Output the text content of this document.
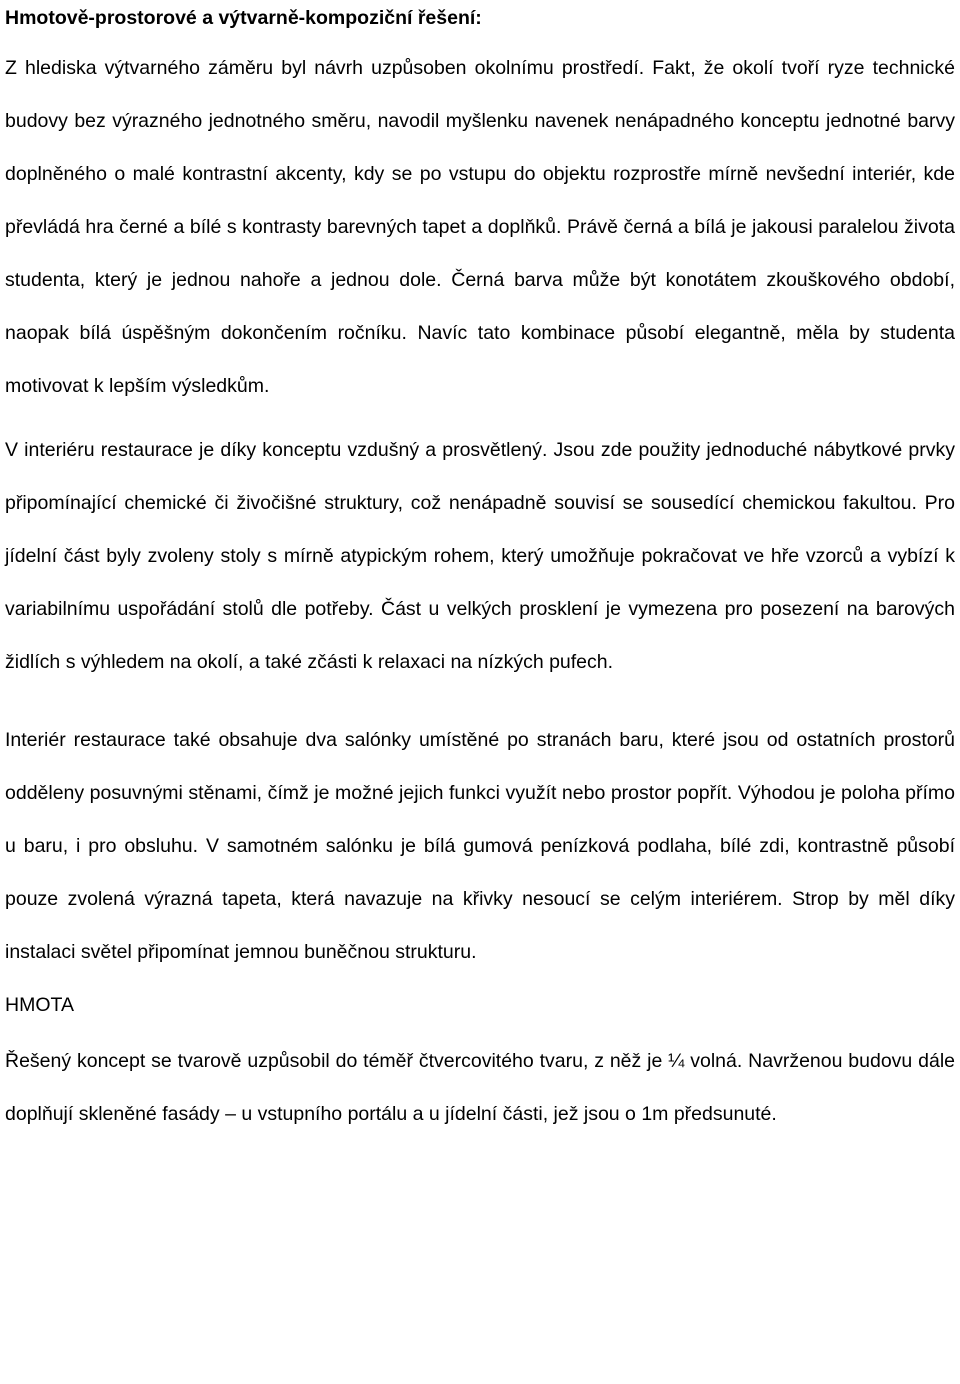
Hmotově-prostorové a výtvarně-kompoziční řešení:

Z hlediska výtvarného záměru byl návrh uzpůsoben okolnímu prostředí. Fakt, že okolí tvoří ryze technické budovy bez výrazného jednotného směru, navodil myšlenku navenek nenápadného konceptu jednotné barvy doplněného o malé kontrastní akcenty, kdy se po vstupu do objektu rozprostře mírně nevšední interiér, kde převládá hra černé a bílé s kontrasty barevných tapet a doplňků. Právě černá a bílá je jakousi paralelou života studenta, který je jednou nahoře a jednou dole. Černá barva může být konotátem zkouškového období, naopak bílá úspěšným dokončením ročníku. Navíc tato kombinace působí elegantně, měla by studenta motivovat k lepším výsledkům.

V interiéru restaurace je díky konceptu vzdušný a prosvětlený. Jsou zde použity jednoduché nábytkové prvky připomínající chemické či živočišné struktury, což nenápadně souvisí se sousedící chemickou fakultou. Pro jídelní část byly zvoleny stoly s mírně atypickým rohem, který umožňuje pokračovat ve hře vzorců a vybízí k variabilnímu uspořádání stolů dle potřeby. Část u velkých prosklení je vymezena pro posezení na barových židlích s výhledem na okolí, a také zčásti k relaxaci na nízkých pufech.

Interiér restaurace také obsahuje dva salónky umístěné po stranách baru, které jsou od ostatních prostorů odděleny posuvnými stěnami, čímž je možné jejich funkci využít nebo prostor popřít. Výhodou je poloha přímo u baru, i pro obsluhu. V samotném salónku je bílá gumová penízková podlaha, bílé zdi, kontrastně působí pouze zvolená výrazná tapeta, která navazuje na křivky nesoucí se celým interiérem. Strop by měl díky instalaci světel připomínat jemnou buněčnou strukturu.

HMOTA

Řešený koncept se tvarově uzpůsobil do téměř čtvercovitého tvaru, z něž je ¼ volná. Navrženou budovu dále doplňují skleněné fasády – u vstupního portálu a u jídelní části, jež jsou o 1m předsunuté.
